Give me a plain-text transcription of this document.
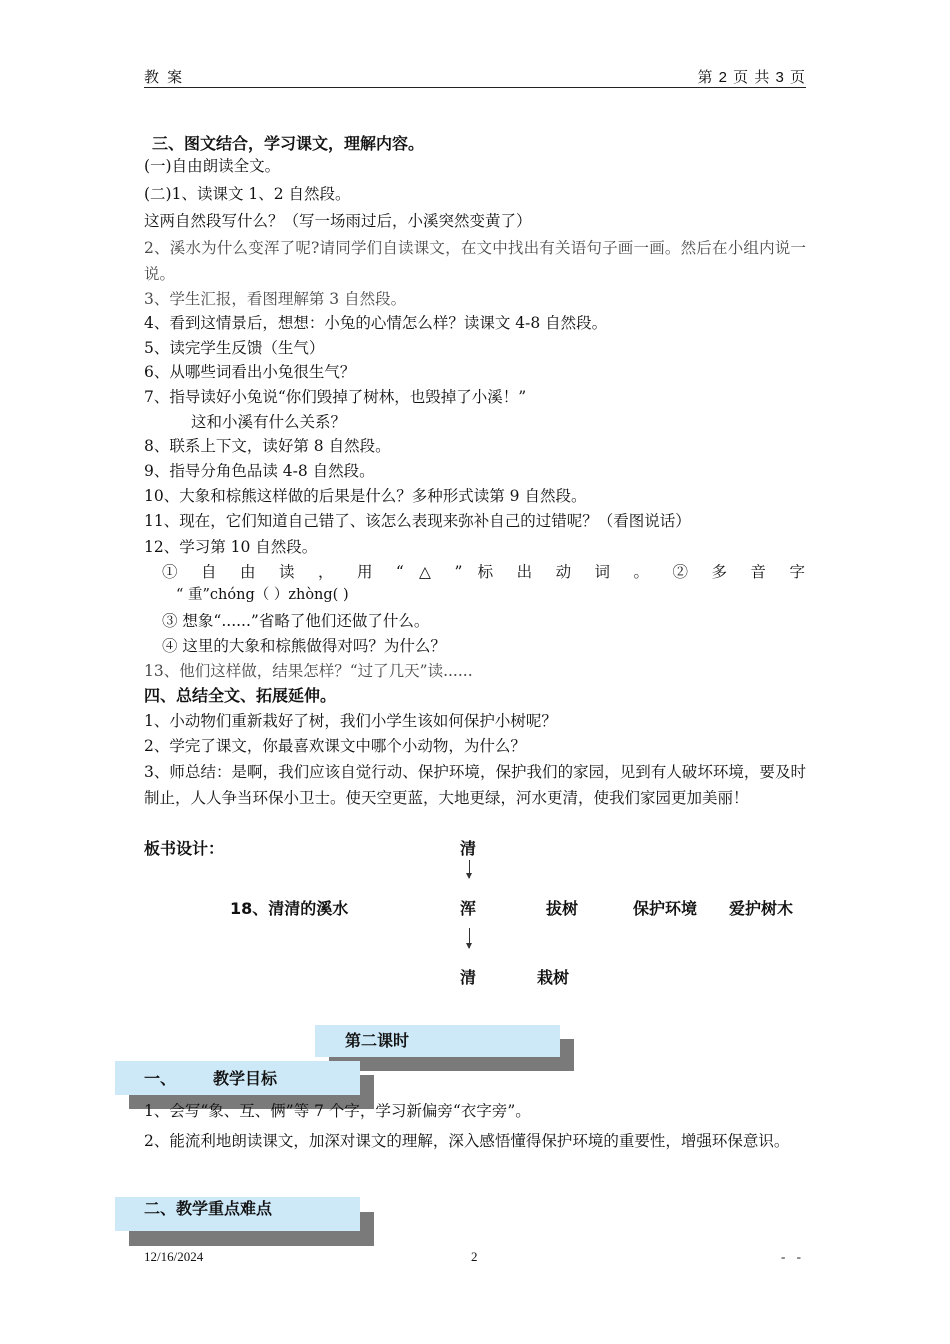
教 案	第 2 页 共 3 页
三、图文结合，学习课文，理解内容。
(一)自由朗读全文。
(二)1、读课文 1、2 自然段。
这两自然段写什么？（写一场雨过后，小溪突然变黄了）
2、溪水为什么变浑了呢?请同学们自读课文，在文中找出有关语句子画一画。然后在小组内说一说。
3、学生汇报，看图理解第 3 自然段。
4、看到这情景后，想想：小兔的心情怎么样？读课文 4-8 自然段。
5、读完学生反馈（生气）
6、从哪些词看出小兔很生气？
7、指导读好小兔说“你们毁掉了树林，也毁掉了小溪！”
这和小溪有什么关系？
8、联系上下文，读好第 8 自然段。
9、指导分角色品读 4-8 自然段。
10、大象和棕熊这样做的后果是什么？多种形式读第 9 自然段。
11、现在，它们知道自己错了、该怎么表现来弥补自己的过错呢？（看图说话）
12、学习第 10 自然段。
① 自 由 读 ， 用 “ △ ” 标 出 动 词 。 ② 多 音 字
“ 重”chóng（ ）zhòng( )
③ 想象“......”省略了他们还做了什么。
④ 这里的大象和棕熊做得对吗？为什么？
13、他们这样做，结果怎样？“过了几天”读......
四、总结全文、拓展延伸。
1、小动物们重新栽好了树，我们小学生该如何保护小树呢？
2、学完了课文，你最喜欢课文中哪个小动物，为什么？
3、师总结：是啊，我们应该自觉行动、保护环境，保护我们的家园，见到有人破坏环境，要及时制止，人人争当环保小卫士。使天空更蓝，大地更绿，河水更清，使我们家园更加美丽！
板书设计：	清
18、清清的溪水	浑	拔树	保护环境 爱护树木
清	栽树
第二课时
一、 教学目标
1、会写“象、互、俩”等 7 个字，学习新偏旁“衣字旁”。
2、能流利地朗读课文，加深对课文的理解，深入感悟懂得保护环境的重要性，增强环保意识。
二、教学重点难点
12/16/2024	2	- -
